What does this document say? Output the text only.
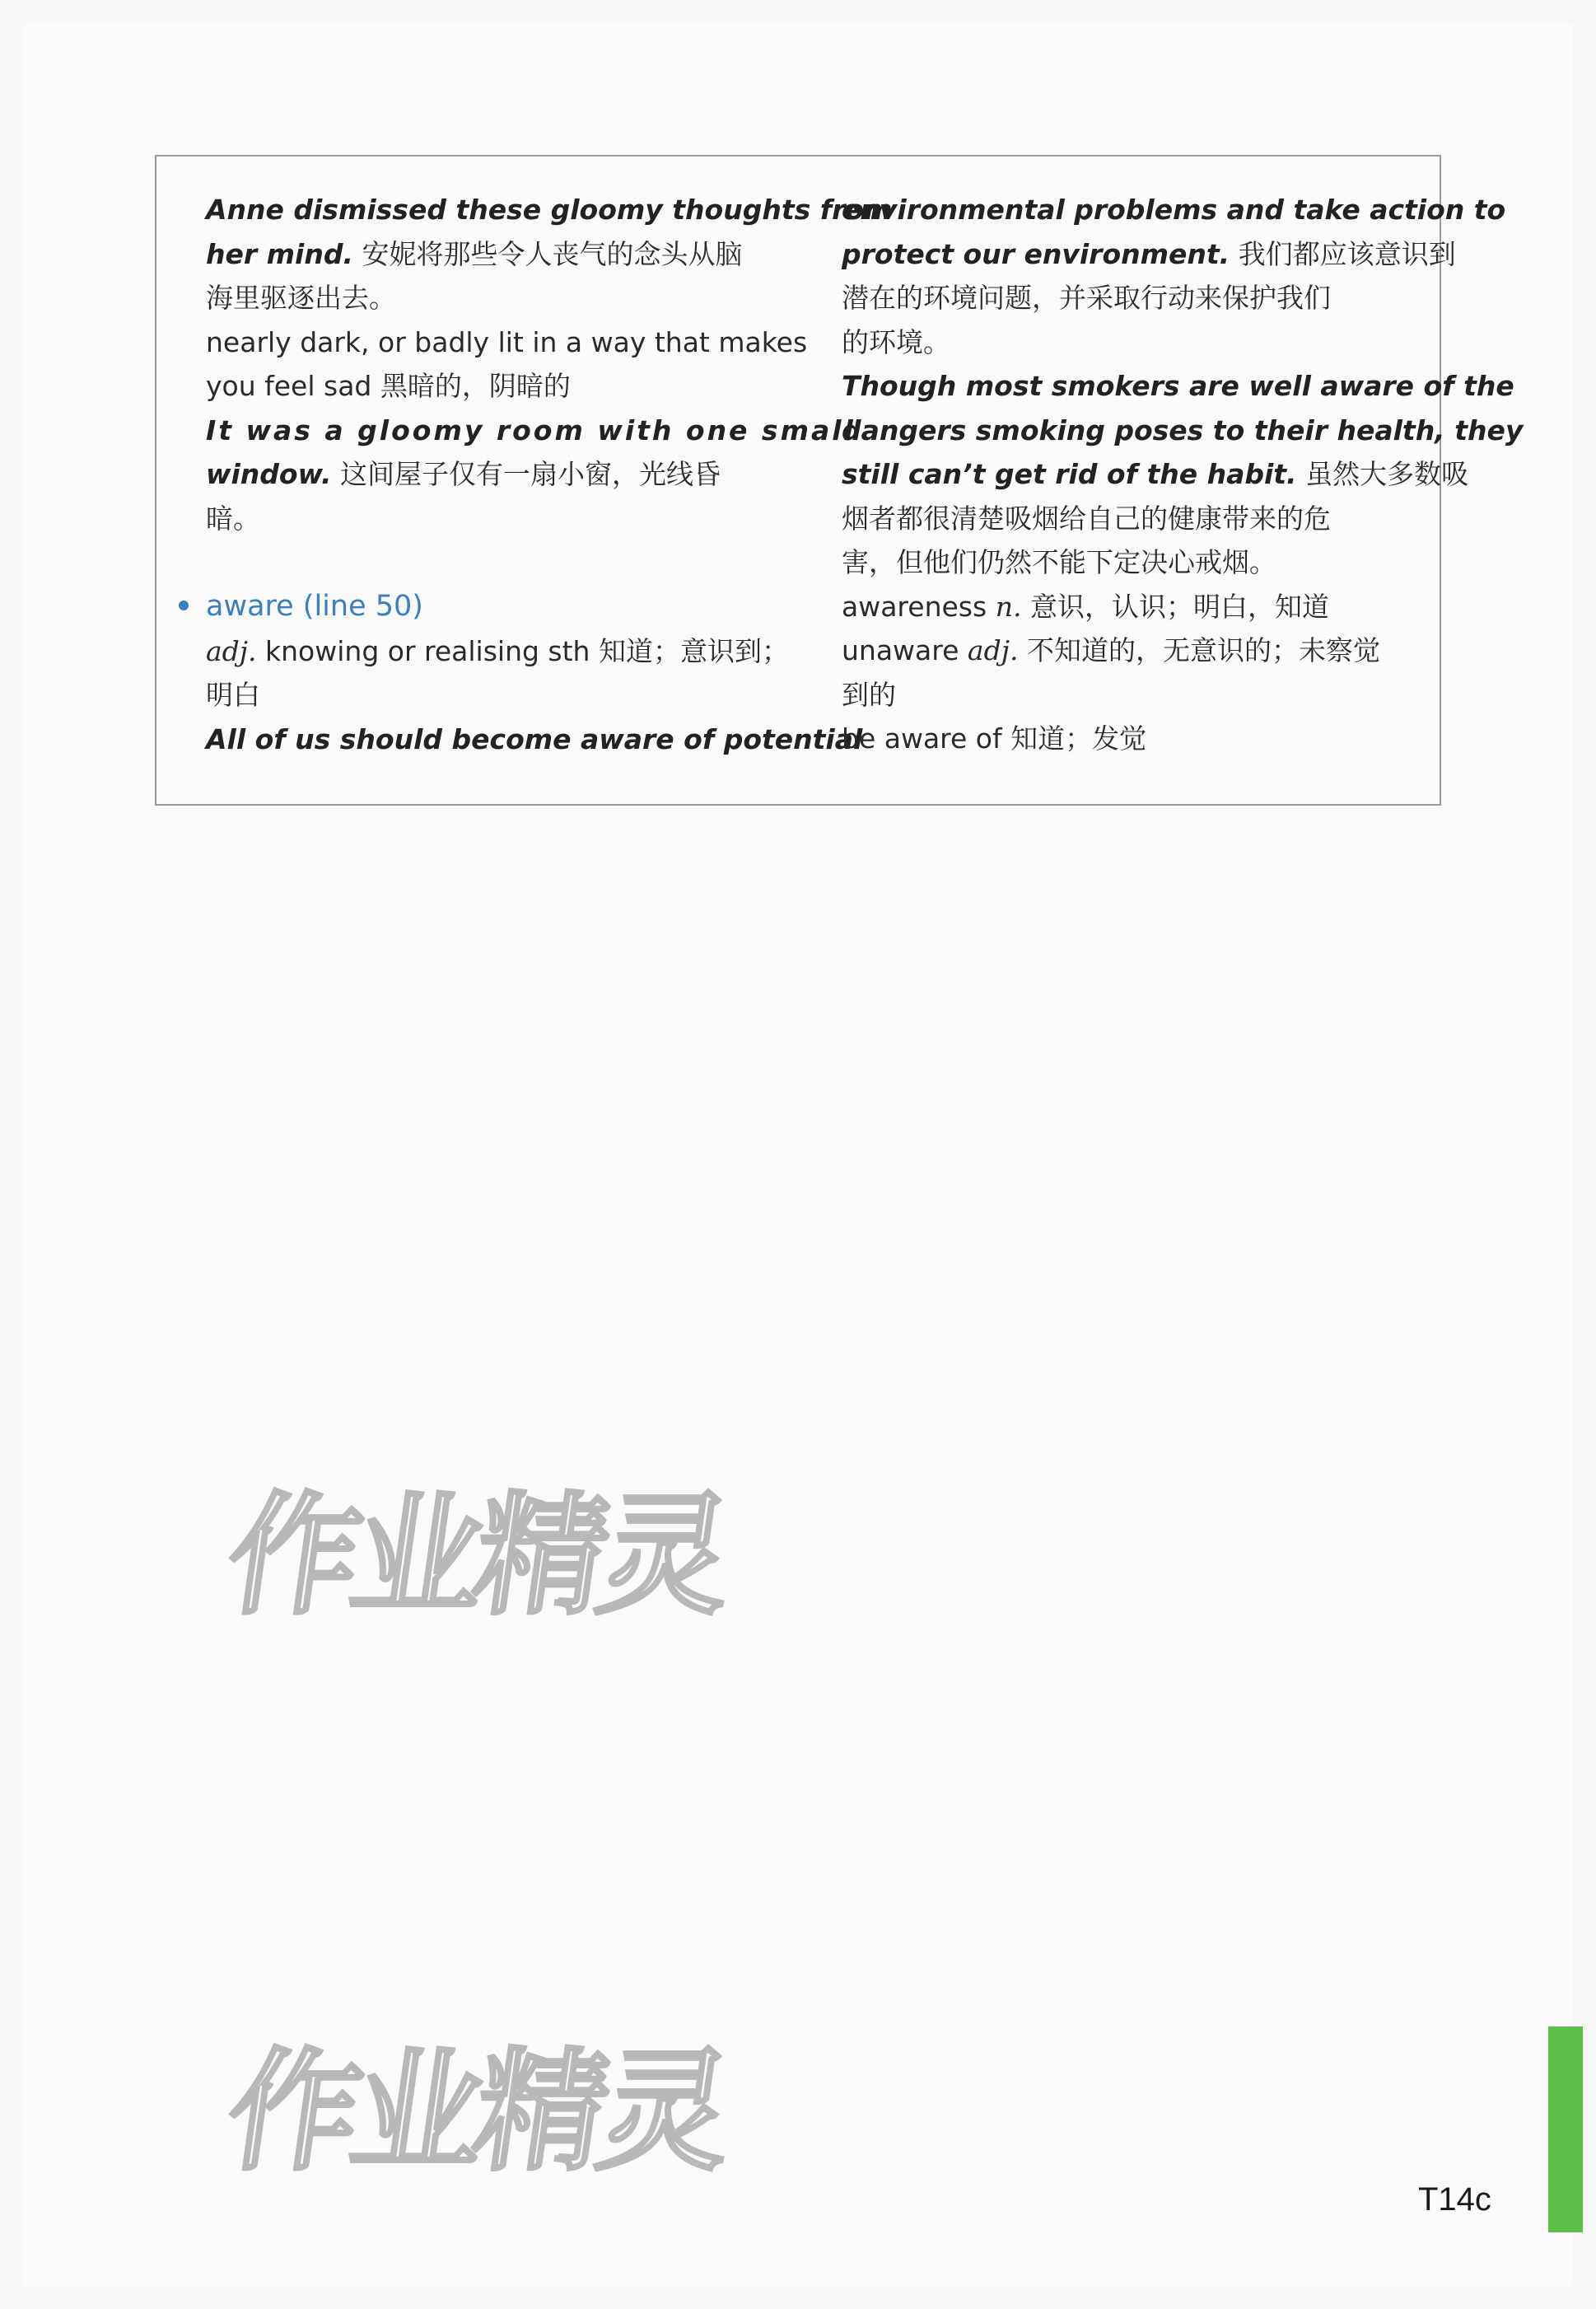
Anne dismissed these gloomy thoughts from
her mind. 安妮将那些令人丧气的念头从脑
海里驱逐出去。
nearly dark, or badly lit in a way that makes
you feel sad 黑暗的，阴暗的
It was a gloomy room with one small
window. 这间屋子仅有一扇小窗，光线昏
暗。
aware (line 50)
adj. knowing or realising sth 知道；意识到；
明白
All of us should become aware of potential
environmental problems and take action to
protect our environment. 我们都应该意识到
潜在的环境问题，并采取行动来保护我们
的环境。
Though most smokers are well aware of the
dangers smoking poses to their health, they
still can’t get rid of the habit. 虽然大多数吸
烟者都很清楚吸烟给自己的健康带来的危
害，但他们仍然不能下定决心戒烟。
awareness n. 意识，认识；明白，知道
unaware adj. 不知道的，无意识的；未察觉
到的
be aware of 知道；发觉
作业精灵
作业精灵
T14c
